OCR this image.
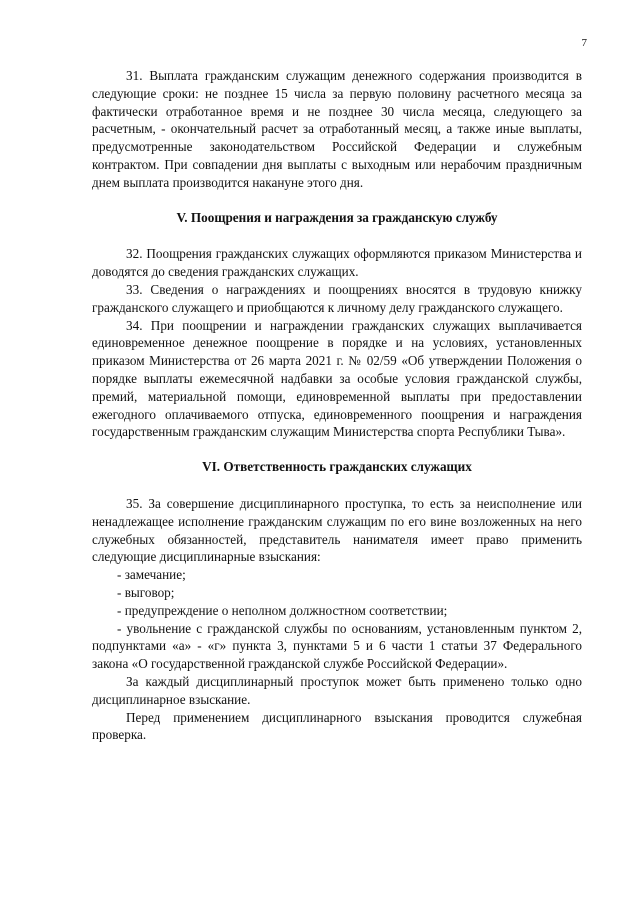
7

31. Выплата гражданским служащим денежного содержания производится в следующие сроки: не позднее 15 числа за первую половину расчетного месяца за фактически отработанное время и не позднее 30 числа месяца, следующего за расчетным, - окончательный расчет за отработанный месяц, а также иные выплаты, предусмотренные законодательством Российской Федерации и служебным контрактом. При совпадении дня выплаты с выходным или нерабочим праздничным днем выплата производится накануне этого дня.

V. Поощрения и награждения за гражданскую службу

32. Поощрения гражданских служащих оформляются приказом Министерства и доводятся до сведения гражданских служащих.

33. Сведения о награждениях и поощрениях вносятся в трудовую книжку гражданского служащего и приобщаются к личному делу гражданского служащего.

34. При поощрении и награждении гражданских служащих выплачивается единовременное денежное поощрение в порядке и на условиях, установленных приказом Министерства от 26 марта 2021 г. № 02/59 «Об утверждении Положения о порядке выплаты ежемесячной надбавки за особые условия гражданской службы, премий, материальной помощи, единовременной выплаты при предоставлении ежегодного оплачиваемого отпуска, единовременного поощрения и награждения государственным гражданским служащим Министерства спорта Республики Тыва».

VI. Ответственность гражданских служащих

35. За совершение дисциплинарного проступка, то есть за неисполнение или ненадлежащее исполнение гражданским служащим по его вине возложенных на него служебных обязанностей, представитель нанимателя имеет право применить следующие дисциплинарные взыскания:

- замечание;

- выговор;

- предупреждение о неполном должностном соответствии;

- увольнение с гражданской службы по основаниям, установленным пунктом 2, подпунктами «а» - «г» пункта 3, пунктами 5 и 6 части 1 статьи 37 Федерального закона «О государственной гражданской службе Российской Федерации».

За каждый дисциплинарный проступок может быть применено только одно дисциплинарное взыскание.

Перед применением дисциплинарного взыскания проводится служебная проверка.
